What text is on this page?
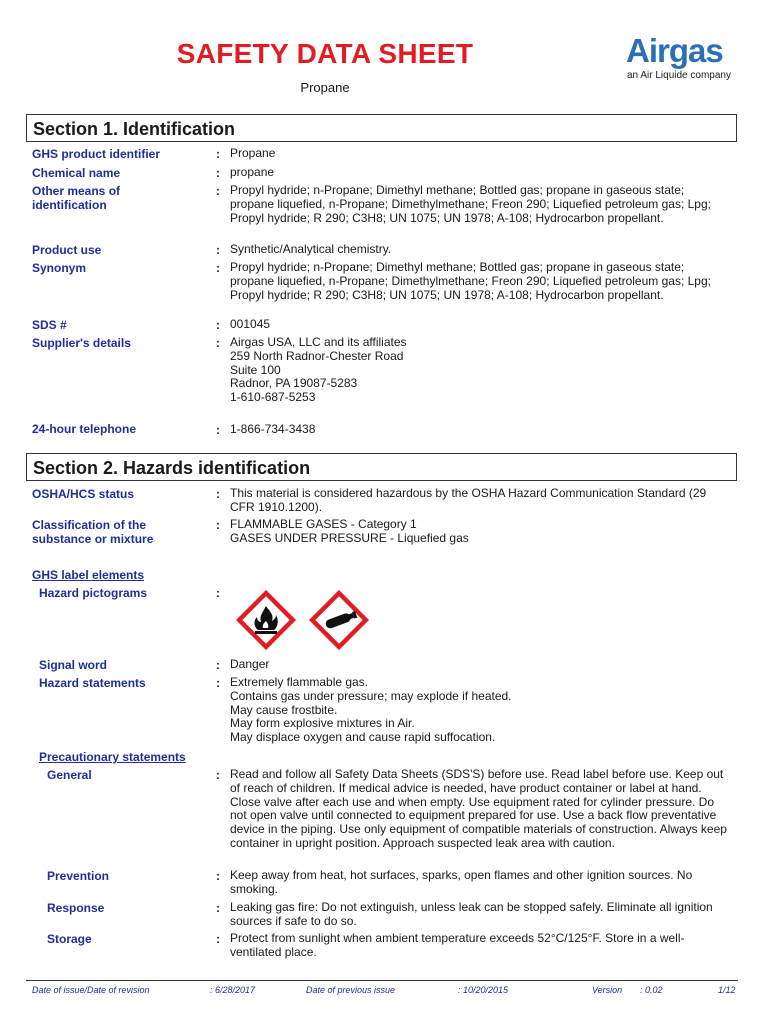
SAFETY DATA SHEET
Propane
Airgas
an Air Liquide company
Section 1. Identification
GHS product identifier	: Propane
Chemical name	: propane
Other means of identification
: Propyl hydride; n-Propane; Dimethyl methane; Bottled gas; propane in gaseous state; propane liquefied, n-Propane; Dimethylmethane; Freon 290; Liquefied petroleum gas; Lpg; Propyl hydride; R 290; C3H8; UN 1075; UN 1978; A-108; Hydrocarbon propellant.
Product use	: Synthetic/Analytical chemistry.
Synonym	: Propyl hydride; n-Propane; Dimethyl methane; Bottled gas; propane in gaseous state; propane liquefied, n-Propane; Dimethylmethane; Freon 290; Liquefied petroleum gas; Lpg; Propyl hydride; R 290; C3H8; UN 1075; UN 1978; A-108; Hydrocarbon propellant.
SDS #	: 001045
Supplier's details	: Airgas USA, LLC and its affiliates
259 North Radnor-Chester Road
Suite 100
Radnor, PA 19087-5283
1-610-687-5253
24-hour telephone	: 1-866-734-3438
Section 2. Hazards identification
OSHA/HCS status	: This material is considered hazardous by the OSHA Hazard Communication Standard (29 CFR 1910.1200).
Classification of the substance or mixture
: FLAMMABLE GASES - Category 1
GASES UNDER PRESSURE - Liquefied gas
GHS label elements
Hazard pictograms	:
Signal word	: Danger
Hazard statements	: Extremely flammable gas.
Contains gas under pressure; may explode if heated.
May cause frostbite.
May form explosive mixtures in Air.
May displace oxygen and cause rapid suffocation.
Precautionary statements
General	: Read and follow all Safety Data Sheets (SDS'S) before use. Read label before use. Keep out of reach of children. If medical advice is needed, have product container or label at hand. Close valve after each use and when empty. Use equipment rated for cylinder pressure. Do not open valve until connected to equipment prepared for use. Use a back flow preventative device in the piping. Use only equipment of compatible materials of construction. Always keep container in upright position. Approach suspected leak area with caution.
Prevention	: Keep away from heat, hot surfaces, sparks, open flames and other ignition sources. No smoking.
Response	: Leaking gas fire: Do not extinguish, unless leak can be stopped safely. Eliminate all ignition sources if safe to do so.
Storage	: Protect from sunlight when ambient temperature exceeds 52°C/125°F. Store in a well-ventilated place.
Date of issue/Date of revision	: 6/28/2017	Date of previous issue	: 10/20/2015	Version : 0.02	1/12
